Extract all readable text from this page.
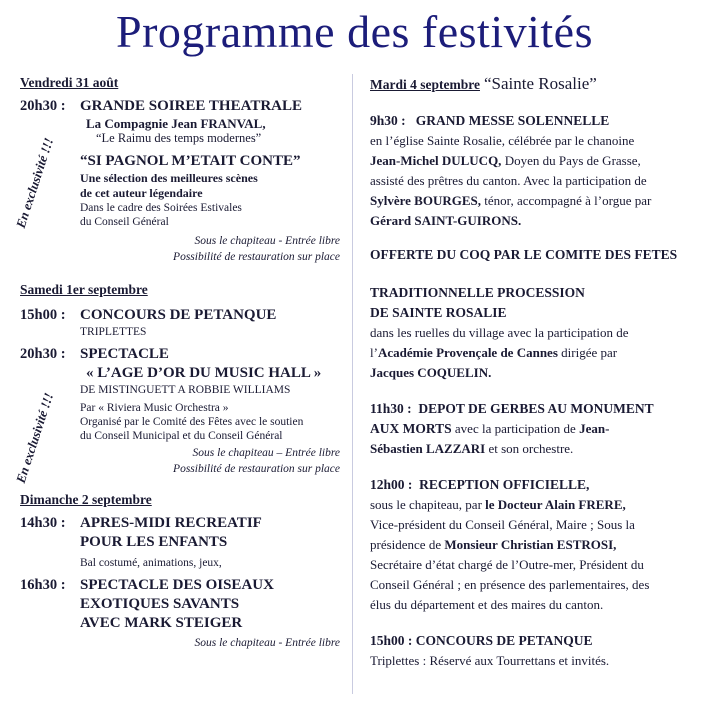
Programme des festivités
En exclusivité !!!
En exclusivité !!!

Vendredi 31 août

20h30 : GRANDE SOIREE THEATRALE
La Compagnie Jean FRANVAL,
“Le Raimu des temps modernes”
“SI PAGNOL M’ETAIT CONTE”
Une sélection des meilleures scènes
de cet auteur légendaire
Dans le cadre des Soirées Estivales
du Conseil Général
Sous le chapiteau - Entrée libre
Possibilité de restauration sur place

Samedi 1er septembre

15h00 : CONCOURS DE PETANQUE
TRIPLETTES
20h30 : SPECTACLE
« L’AGE D’OR DU MUSIC HALL »
DE MISTINGUETT A ROBBIE WILLIAMS
Par « Riviera Music Orchestra »
Organisé par le Comité des Fêtes avec le soutien
du Conseil Municipal et du Conseil Général
Sous le chapiteau – Entrée libre
Possibilité de restauration sur place

Dimanche 2 septembre

14h30 : APRES-MIDI RECREATIF
POUR LES ENFANTS
Bal costumé, animations, jeux,
16h30 : SPECTACLE DES OISEAUX
EXOTIQUES SAVANTS
AVEC MARK STEIGER
Sous le chapiteau - Entrée libre
Mardi 4 septembre “Sainte Rosalie”
9h30 : GRAND MESSE SOLENNELLE
en l’église Sainte Rosalie, célébrée par le chanoine
Jean-Michel DULUCQ, Doyen du Pays de Grasse,
assisté des prêtres du canton. Avec la participation de
Sylvère BOURGES, ténor, accompagné à l’orgue par
Gérard SAINT-GUIRONS.
OFFERTE DU COQ PAR LE COMITE DES FETES
TRADITIONNELLE PROCESSION
DE SAINTE ROSALIE
dans les ruelles du village avec la participation de
l’Académie Provençale de Cannes dirigée par
Jacques COQUELIN.
11h30 : DEPOT DE GERBES AU MONUMENT
AUX MORTS avec la participation de Jean-
Sébastien LAZZARI et son orchestre.
12h00 : RECEPTION OFFICIELLE,
sous le chapiteau, par le Docteur Alain FRERE,
Vice-président du Conseil Général, Maire ; Sous la
présidence de Monsieur Christian ESTROSI,
Secrétaire d’état chargé de l’Outre-mer, Président du
Conseil Général ; en présence des parlementaires, des
élus du département et des maires du canton.
15h00 : CONCOURS DE PETANQUE
Triplettes : Réservé aux Tourrettans et invités.
